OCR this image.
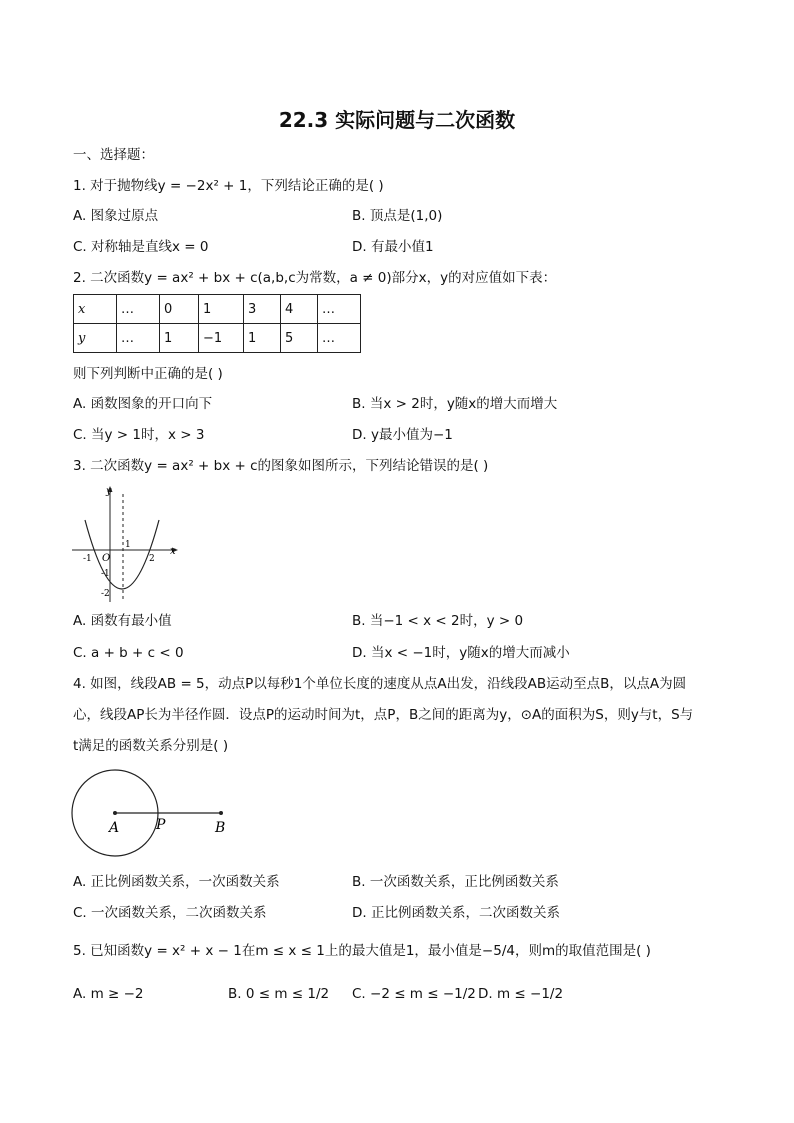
22.3 实际问题与二次函数
一、选择题：
1. 对于抛物线y = −2x² + 1，下列结论正确的是( )
A. 图象过原点	B. 顶点是(1,0)
C. 对称轴是直线x = 0	D. 有最小值1
2. 二次函数y = ax² + bx + c(a,b,c为常数，a ≠ 0)部分x，y的对应值如下表：
x	…	0	1	3	4	…
y	…	1	−1	1	5	…
则下列判断中正确的是( )
A. 函数图象的开口向下	B. 当x > 2时，y随x的增大而增大
C. 当y > 1时，x > 3	D. y最小值为−1
3. 二次函数y = ax² + bx + c的图象如图所示，下列结论错误的是( )
y
x
O
-1
1
2
-1
-2
A. 函数有最小值	B. 当−1 < x < 2时，y > 0
C. a + b + c < 0	D. 当x < −1时，y随x的增大而减小
4. 如图，线段AB = 5，动点P以每秒1个单位长度的速度从点A出发，沿线段AB运动至点B，以点A为圆
心，线段AP长为半径作圆．设点P的运动时间为t，点P，B之间的距离为y，⊙A的面积为S，则y与t，S与
t满足的函数关系分别是( )
A	P	B
A. 正比例函数关系，一次函数关系	B. 一次函数关系，正比例函数关系
C. 一次函数关系，二次函数关系	D. 正比例函数关系，二次函数关系
5. 已知函数y = x² + x − 1在m ≤ x ≤ 1上的最大值是1，最小值是−5/4，则m的取值范围是( )
A. m ≥ −2	B. 0 ≤ m ≤ 1/2 C. −2 ≤ m ≤ −1/2 D. m ≤ −1/2
